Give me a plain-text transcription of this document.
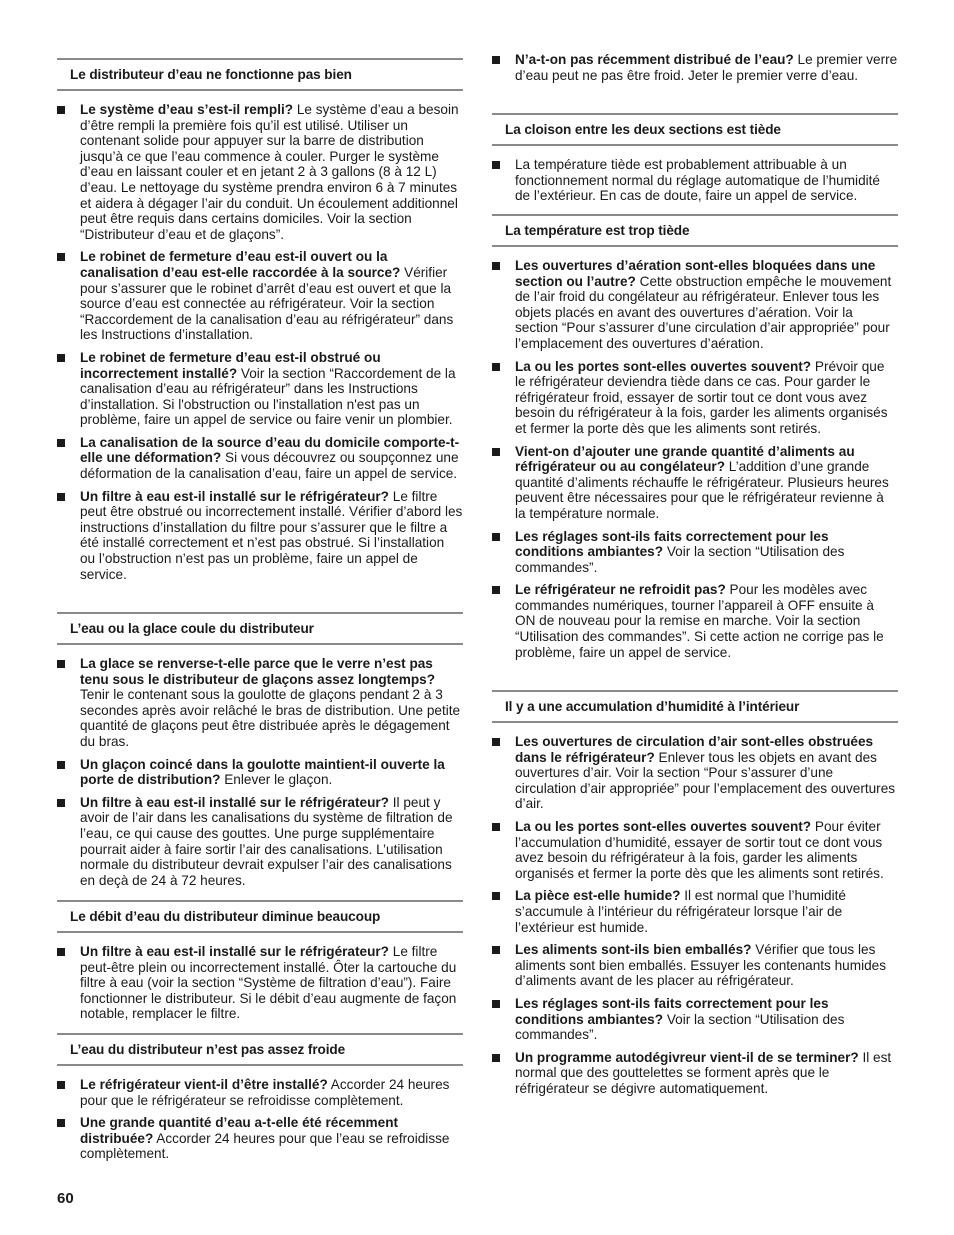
Le distributeur d’eau ne fonctionne pas bien
Le système d’eau s’est-il rempli? Le système d’eau a besoin d’être rempli la première fois qu’il est utilisé. Utiliser un contenant solide pour appuyer sur la barre de distribution jusqu’à ce que l’eau commence à couler. Purger le système d’eau en laissant couler et en jetant 2 à 3 gallons (8 à 12 L) d’eau. Le nettoyage du système prendra environ 6 à 7 minutes et aidera à dégager l’air du conduit. Un écoulement additionnel peut être requis dans certains domiciles. Voir la section “Distributeur d’eau et de glaçons”.
Le robinet de fermeture d’eau est-il ouvert ou la canalisation d’eau est-elle raccordée à la source? Vérifier pour s’assurer que le robinet d’arrêt d’eau est ouvert et que la source d’eau est connectée au réfrigérateur. Voir la section “Raccordement de la canalisation d’eau au réfrigérateur” dans les Instructions d’installation.
Le robinet de fermeture d’eau est-il obstrué ou incorrectement installé? Voir la section “Raccordement de la canalisation d’eau au réfrigérateur” dans les Instructions d’installation. Si l'obstruction ou l'installation n'est pas un problème, faire un appel de service ou faire venir un plombier.
La canalisation de la source d’eau du domicile comporte-t-elle une déformation? Si vous découvrez ou soupçonnez une déformation de la canalisation d’eau, faire un appel de service.
Un filtre à eau est-il installé sur le réfrigérateur? Le filtre peut être obstrué ou incorrectement installé. Vérifier d’abord les instructions d’installation du filtre pour s’assurer que le filtre a été installé correctement et n’est pas obstrué. Si l’installation ou l’obstruction n’est pas un problème, faire un appel de service.
L’eau ou la glace coule du distributeur
La glace se renverse-t-elle parce que le verre n’est pas tenu sous le distributeur de glaçons assez longtemps? Tenir le contenant sous la goulotte de glaçons pendant 2 à 3 secondes après avoir relâché le bras de distribution. Une petite quantité de glaçons peut être distribuée après le dégagement du bras.
Un glaçon coincé dans la goulotte maintient-il ouverte la porte de distribution? Enlever le glaçon.
Un filtre à eau est-il installé sur le réfrigérateur? Il peut y avoir de l’air dans les canalisations du système de filtration de l’eau, ce qui cause des gouttes. Une purge supplémentaire pourrait aider à faire sortir l’air des canalisations. L’utilisation normale du distributeur devrait expulser l’air des canalisations en deçà de 24 à 72 heures.
Le débit d’eau du distributeur diminue beaucoup
Un filtre à eau est-il installé sur le réfrigérateur? Le filtre peut-être plein ou incorrectement installé. Ôter la cartouche du filtre à eau (voir la section “Système de filtration d’eau”). Faire fonctionner le distributeur. Si le débit d’eau augmente de façon notable, remplacer le filtre.
L’eau du distributeur n’est pas assez froide
Le réfrigérateur vient-il d’être installé? Accorder 24 heures pour que le réfrigérateur se refroidisse complètement.
Une grande quantité d’eau a-t-elle été récemment distribuée? Accorder 24 heures pour que l’eau se refroidisse complètement.
N’a-t-on pas récemment distribué de l’eau? Le premier verre d’eau peut ne pas être froid. Jeter le premier verre d’eau.
La cloison entre les deux sections est tiède
La température tiède est probablement attribuable à un fonctionnement normal du réglage automatique de l’humidité de l’extérieur. En cas de doute, faire un appel de service.
La température est trop tiède
Les ouvertures d’aération sont-elles bloquées dans une section ou l’autre? Cette obstruction empêche le mouvement de l’air froid du congélateur au réfrigérateur. Enlever tous les objets placés en avant des ouvertures d’aération. Voir la section “Pour s’assurer d’une circulation d’air appropriée” pour l’emplacement des ouvertures d’aération.
La ou les portes sont-elles ouvertes souvent? Prévoir que le réfrigérateur deviendra tiède dans ce cas. Pour garder le réfrigérateur froid, essayer de sortir tout ce dont vous avez besoin du réfrigérateur à la fois, garder les aliments organisés et fermer la porte dès que les aliments sont retirés.
Vient-on d’ajouter une grande quantité d’aliments au réfrigérateur ou au congélateur? L’addition d’une grande quantité d’aliments réchauffe le réfrigérateur. Plusieurs heures peuvent être nécessaires pour que le réfrigérateur revienne à la température normale.
Les réglages sont-ils faits correctement pour les conditions ambiantes? Voir la section “Utilisation des commandes”.
Le réfrigérateur ne refroidit pas? Pour les modèles avec commandes numériques, tourner l’appareil à OFF ensuite à ON de nouveau pour la remise en marche. Voir la section “Utilisation des commandes”. Si cette action ne corrige pas le problème, faire un appel de service.
Il y a une accumulation d’humidité à l’intérieur
Les ouvertures de circulation d’air sont-elles obstruées dans le réfrigérateur? Enlever tous les objets en avant des ouvertures d’air. Voir la section “Pour s’assurer d’une circulation d’air appropriée” pour l’emplacement des ouvertures d’air.
La ou les portes sont-elles ouvertes souvent? Pour éviter l’accumulation d’humidité, essayer de sortir tout ce dont vous avez besoin du réfrigérateur à la fois, garder les aliments organisés et fermer la porte dès que les aliments sont retirés.
La pièce est-elle humide? Il est normal que l’humidité s’accumule à l’intérieur du réfrigérateur lorsque l’air de l’extérieur est humide.
Les aliments sont-ils bien emballés? Vérifier que tous les aliments sont bien emballés. Essuyer les contenants humides d’aliments avant de les placer au réfrigérateur.
Les réglages sont-ils faits correctement pour les conditions ambiantes? Voir la section “Utilisation des commandes”.
Un programme autodégivreur vient-il de se terminer? Il est normal que des gouttelettes se forment après que le réfrigérateur se dégivre automatiquement.
60
